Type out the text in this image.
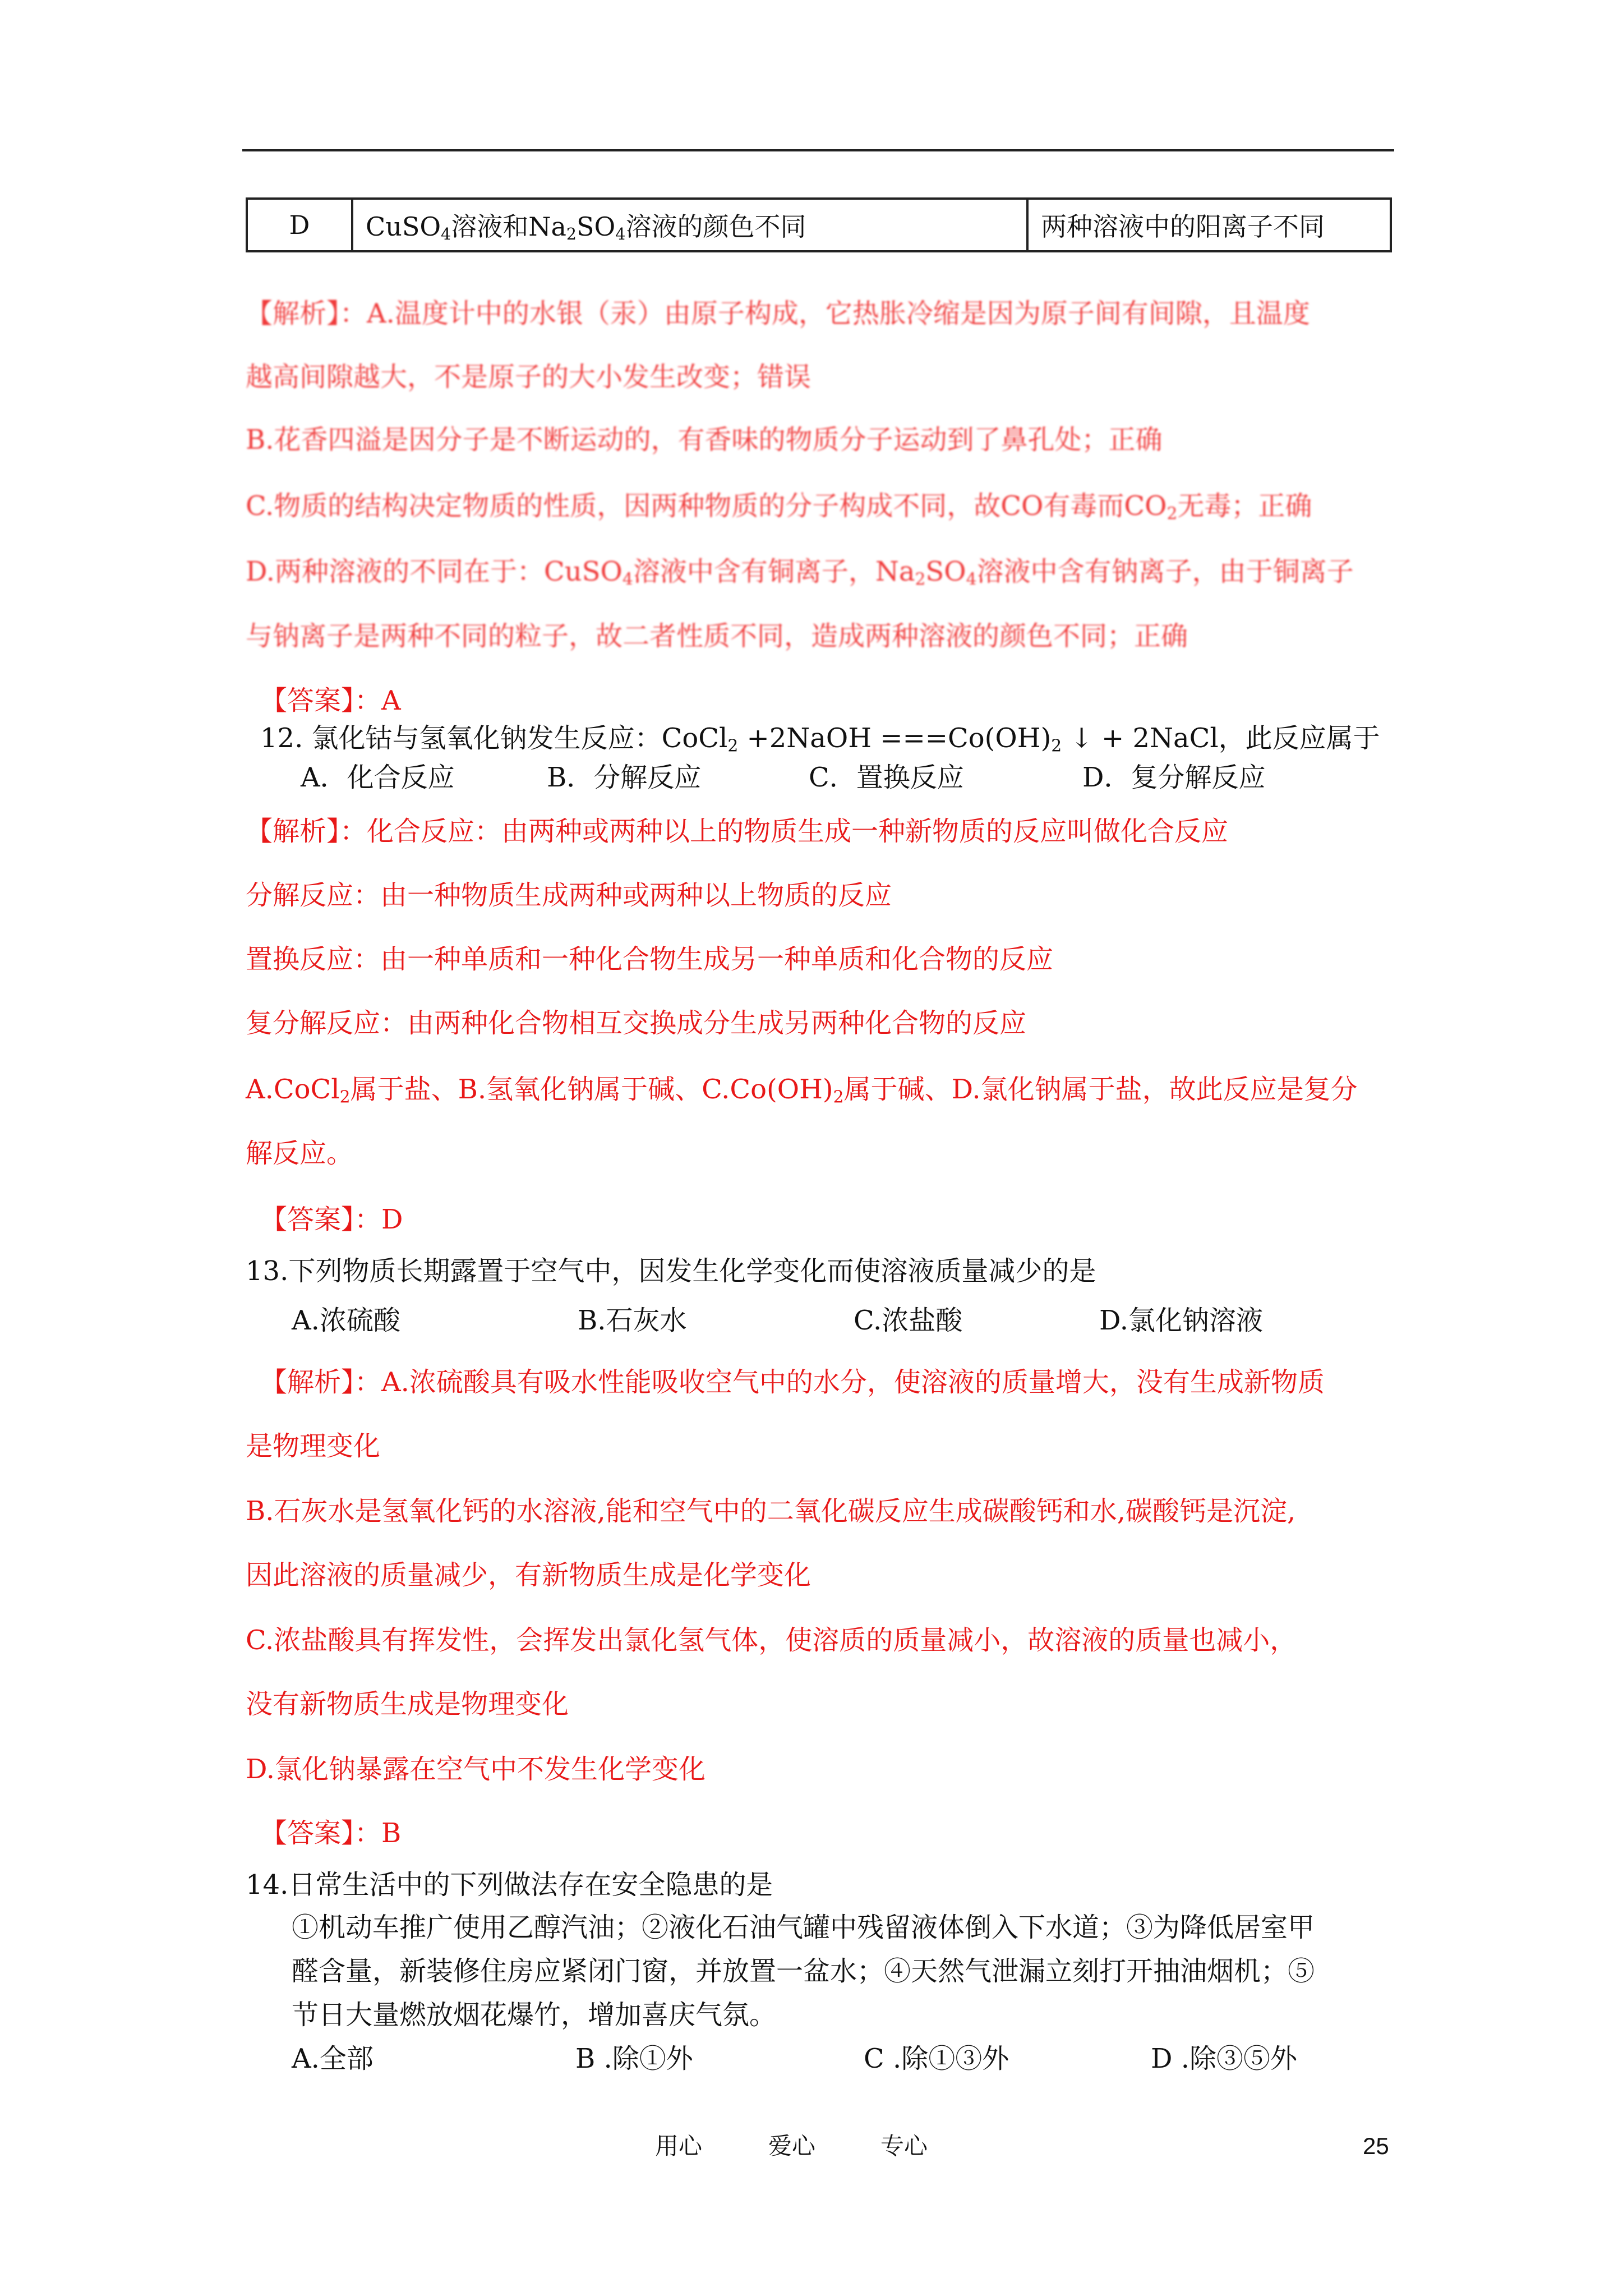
D	CuSO$_4$溶液和$Na_2SO_4$溶液的颜色不同	两种溶液中的阳离子不同
【解析】：A.温度计中的水银（汞）由原子构成，它热胀冷缩是因为原子间有间隙，且温度
越高间隙越大，不是原子的大小发生改变；错误
B.花香四溢是因分子是不断运动的，有香味的物质分子运动到了鼻孔处；正确
C.物质的结构决定物质的性质，因两种物质的分子构成不同，故CO有毒而$CO_2$无毒；正确
D.两种溶液的不同在于：CuSO$_4$溶液中含有铜离子，$Na_2SO_4$溶液中含有钠离子，由于铜离子
与钠离子是两种不同的粒子，故二者性质不同，造成两种溶液的颜色不同；正确
【答案】：A
12. 氯化钴与氢氧化钠发生反应：CoCl$_2$ +2NaOH $===Co(OH)_2$ ↓ + 2NaCl，此反应属于
A．化合反应	B．分解反应	C．置换反应	D．复分解反应
【解析】：化合反应：由两种或两种以上的物质生成一种新物质的反应叫做化合反应
分解反应：由一种物质生成两种或两种以上物质的反应
置换反应：由一种单质和一种化合物生成另一种单质和化合物的反应
复分解反应：由两种化合物相互交换成分生成另两种化合物的反应
A.CoCl$_2$属于盐、B.氢氧化钠属于碱、$C.Co(OH)_2$属于碱、D.氯化钠属于盐，故此反应是复分
解反应。
【答案】：D
13.下列物质长期露置于空气中，因发生化学变化而使溶液质量减少的是
A.浓硫酸	B.石灰水	C.浓盐酸	D.氯化钠溶液
【解析】：A.浓硫酸具有吸水性能吸收空气中的水分，使溶液的质量增大，没有生成新物质
是物理变化
B.石灰水是氢氧化钙的水溶液,能和空气中的二氧化碳反应生成碳酸钙和水,碳酸钙是沉淀,
因此溶液的质量减少，有新物质生成是化学变化
C.浓盐酸具有挥发性，会挥发出氯化氢气体，使溶质的质量减小，故溶液的质量也减小，
没有新物质生成是物理变化
D.氯化钠暴露在空气中不发生化学变化
【答案】：B
14.日常生活中的下列做法存在安全隐患的是
①机动车推广使用乙醇汽油；②液化石油气罐中残留液体倒入下水道；③为降低居室甲
醛含量，新装修住房应紧闭门窗，并放置一盆水；④天然气泄漏立刻打开抽油烟机；⑤
节日大量燃放烟花爆竹，增加喜庆气氛。
A.全部	B .除①外	C .除①③外	D .除③⑤外
用心	爱心	专心	25
